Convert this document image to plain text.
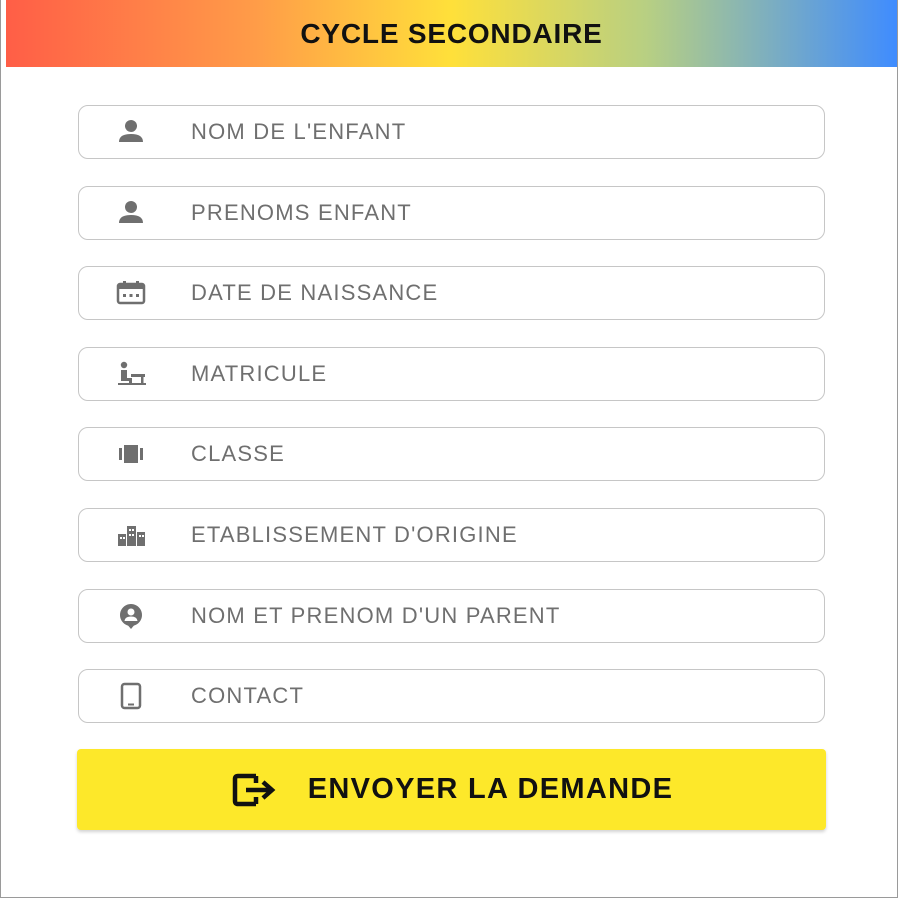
CYCLE SECONDAIRE
NOM DE L'ENFANT
PRENOMS ENFANT
DATE DE NAISSANCE
MATRICULE
CLASSE
ETABLISSEMENT D'ORIGINE
NOM ET PRENOM D'UN PARENT
CONTACT
ENVOYER LA DEMANDE
